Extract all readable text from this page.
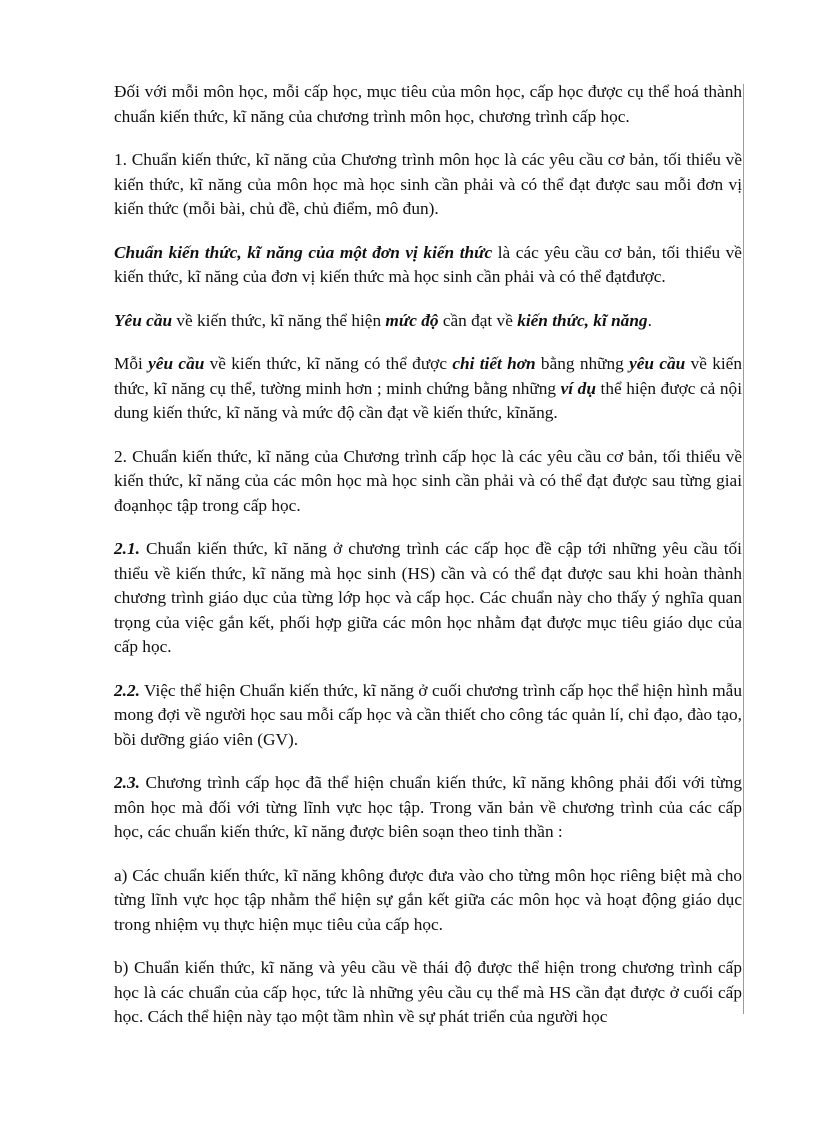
Đối với mỗi môn học, mỗi cấp học, mục tiêu của môn học, cấp học được cụ thể hoá thành chuẩn kiến thức, kĩ năng của chương trình môn học, chương trình cấp học.

1. Chuẩn kiến thức, kĩ năng của Chương trình môn học là các yêu cầu cơ bản, tối thiểu về kiến thức, kĩ năng của môn học mà học sinh cần phải và có thể đạt được sau mỗi đơn vị kiến thức (mỗi bài, chủ đề, chủ điểm, mô đun).

Chuẩn kiến thức, kĩ năng của một đơn vị kiến thức là các yêu cầu cơ bản, tối thiểu về kiến thức, kĩ năng của đơn vị kiến thức mà học sinh cần phải và có thể đạtđược.

Yêu cầu về kiến thức, kĩ năng thể hiện mức độ cần đạt về kiến thức, kĩ năng.

Mỗi yêu cầu về kiến thức, kĩ năng có thể được chi tiết hơn bằng những yêu cầu về kiến thức, kĩ năng cụ thể, tường minh hơn ; minh chứng bằng những ví dụ thể hiện được cả nội dung kiến thức, kĩ năng và mức độ cần đạt về kiến thức, kĩnăng.

2. Chuẩn kiến thức, kĩ năng của Chương trình cấp học là các yêu cầu cơ bản, tối thiểu về kiến thức, kĩ năng của các môn học mà học sinh cần phải và có thể đạt được sau từng giai đoạnhọc tập trong cấp học.

2.1. Chuẩn kiến thức, kĩ năng ở chương trình các cấp học đề cập tới những yêu cầu tối thiểu về kiến thức, kĩ năng mà học sinh (HS) cần và có thể đạt được sau khi hoàn thành chương trình giáo dục của từng lớp học và cấp học. Các chuẩn này cho thấy ý nghĩa quan trọng của việc gắn kết, phối hợp giữa các môn học nhằm đạt được mục tiêu giáo dục của cấp học.

2.2. Việc thể hiện Chuẩn kiến thức, kĩ năng ở cuối chương trình cấp học thể hiện hình mẫu mong đợi về người học sau mỗi cấp học và cần thiết cho công tác quản lí, chỉ đạo, đào tạo, bồi dưỡng giáo viên (GV).

2.3. Chương trình cấp học đã thể hiện chuẩn kiến thức, kĩ năng không phải đối với từng môn học mà đối với từng lĩnh vực học tập. Trong văn bản về chương trình của các cấp học, các chuẩn kiến thức, kĩ năng được biên soạn theo tinh thần :

a) Các chuẩn kiến thức, kĩ năng không được đưa vào cho từng môn học riêng biệt mà cho từng lĩnh vực học tập nhằm thể hiện sự gắn kết giữa các môn học và hoạt động giáo dục trong nhiệm vụ thực hiện mục tiêu của cấp học.

b) Chuẩn kiến thức, kĩ năng và yêu cầu về thái độ được thể hiện trong chương trình cấp học là các chuẩn của cấp học, tức là những yêu cầu cụ thể mà HS cần đạt được ở cuối cấp học. Cách thể hiện này tạo một tầm nhìn về sự phát triển của người học
